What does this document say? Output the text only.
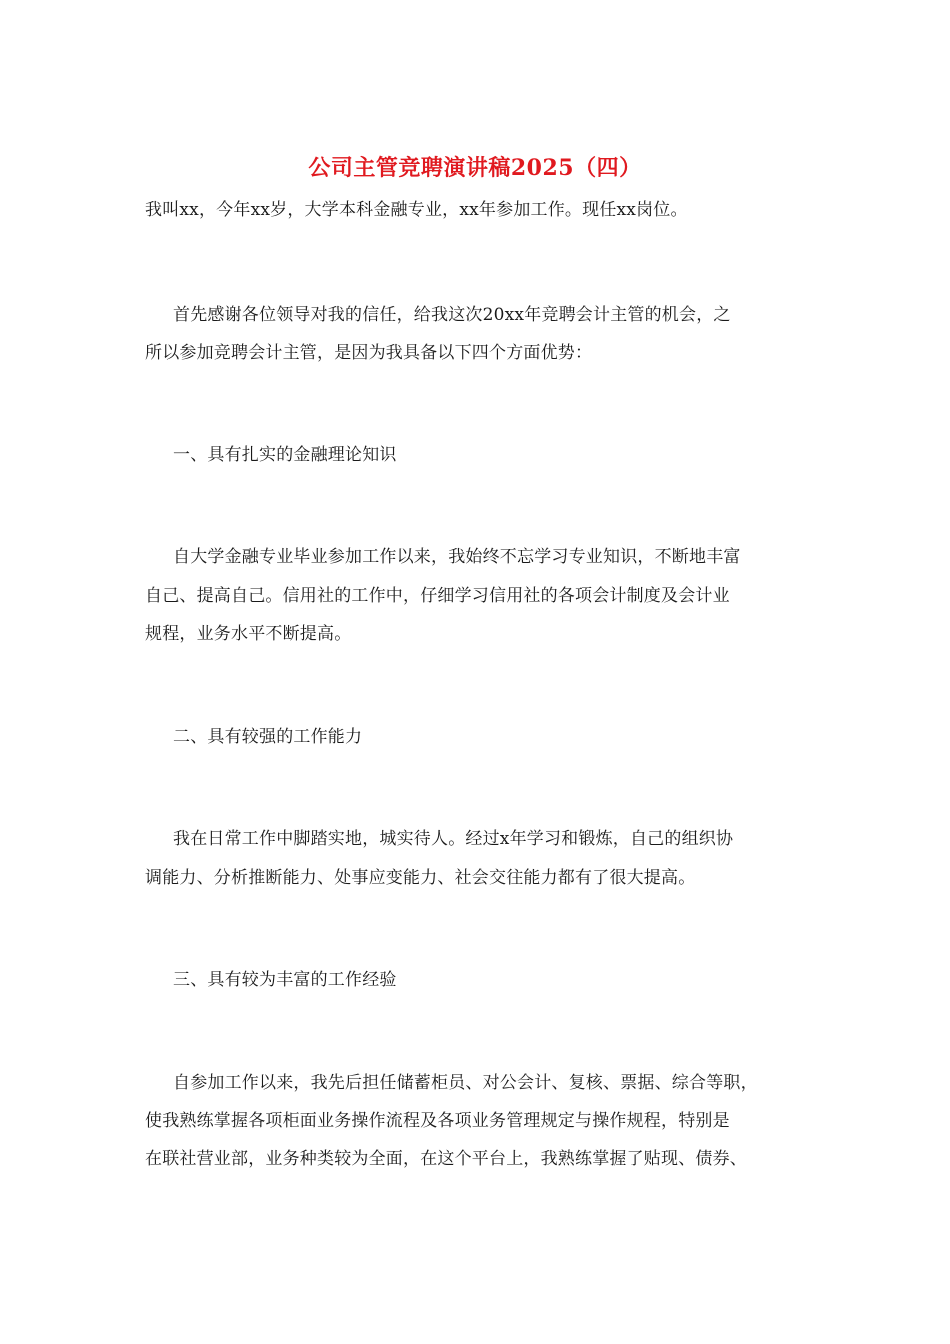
公司主管竞聘演讲稿2025（四）
我叫xx，今年xx岁，大学本科金融专业，xx年参加工作。现任xx岗位。
首先感谢各位领导对我的信任，给我这次20xx年竞聘会计主管的机会，之
所以参加竞聘会计主管，是因为我具备以下四个方面优势：
一、具有扎实的金融理论知识
自大学金融专业毕业参加工作以来，我始终不忘学习专业知识，不断地丰富
自己、提高自己。信用社的工作中，仔细学习信用社的各项会计制度及会计业
规程，业务水平不断提高。
二、具有较强的工作能力
我在日常工作中脚踏实地，城实待人。经过x年学习和锻炼，自己的组织协
调能力、分析推断能力、处事应变能力、社会交往能力都有了很大提高。
三、具有较为丰富的工作经验
自参加工作以来，我先后担任储蓄柜员、对公会计、复核、票据、综合等职，
使我熟练掌握各项柜面业务操作流程及各项业务管理规定与操作规程，特别是
在联社营业部，业务种类较为全面，在这个平台上，我熟练掌握了贴现、债券、
